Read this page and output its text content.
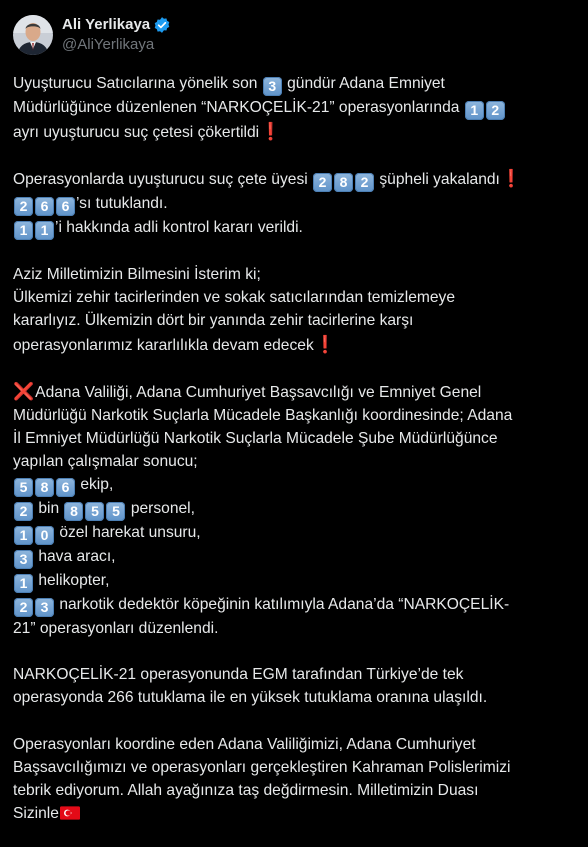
Ali Yerlikaya
@AliYerlikaya
Uyuşturucu Satıcılarına yönelik son 3 gündür Adana Emniyet
Müdürlüğünce düzenlenen “NARKOÇELİK-21” operasyonlarında 1 2
ayrı uyuşturucu suç çetesi çökertildi❗
Operasyonlarda uyuşturucu suç çete üyesi 2 8 2 şüpheli yakalandı❗
2 6 6 ’sı tutuklandı.
1 1 ’i hakkında adli kontrol kararı verildi.
Aziz Milletimizin Bilmesini İsterim ki;
Ülkemizi zehir tacirlerinden ve sokak satıcılarından temizlemeye
kararlıyız. Ülkemizin dört bir yanında zehir tacirlerine karşı
operasyonlarımız kararlılıkla devam edecek❗
❌Adana Valiliği, Adana Cumhuriyet Başsavcılığı ve Emniyet Genel
Müdürlüğü Narkotik Suçlarla Mücadele Başkanlığı koordinesinde; Adana
İl Emniyet Müdürlüğü Narkotik Suçlarla Mücadele Şube Müdürlüğünce
yapılan çalışmalar sonucu;
5 8 6 ekip,
2 bin 8 5 5 personel,
1 0 özel harekat unsuru,
3 hava aracı,
1 helikopter,
2 3 narkotik dedektör köpeğinin katılımıyla Adana’da “NARKOÇELİK-
21” operasyonları düzenlendi.
NARKOÇELİK-21 operasyonunda EGM tarafından Türkiye’de tek
operasyonda 266 tutuklama ile en yüksek tutuklama oranına ulaşıldı.
Operasyonları koordine eden Adana Valiliğimizi, Adana Cumhuriyet
Başsavcılığımızı ve operasyonları gerçekleştiren Kahraman Polislerimizi
tebrik ediyorum. Allah ayağınıza taş değdirmesin. Milletimizin Duası
Sizinle
